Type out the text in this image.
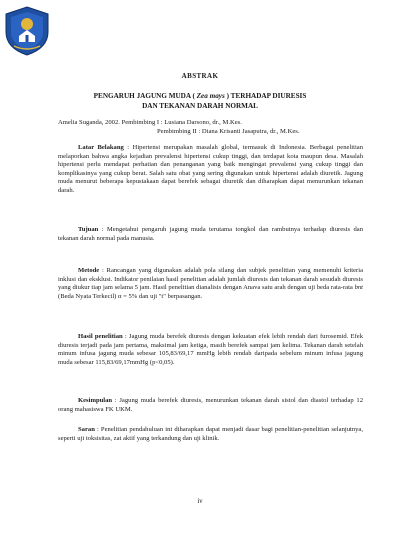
ABSTRAK
PENGARUH JAGUNG MUDA ( Zea mays ) TERHADAP DIURESIS
DAN TEKANAN DARAH NORMAL
Amelia Suganda, 2002. Pembimbing I : Lusiana Darsono, dr., M.Kes.
Pembimbing II : Diana Krisanti Jasaputra, dr., M.Kes.
Latar Belakang : Hipertensi merupakan masalah global, termasuk di Indonesia. Berbagai penelitian melaporkan bahwa angka kejadian prevalensi hipertensi cukup tinggi, dan terdapat kota maupun desa. Masalah hipertensi perlu mendapat perhatian dan penanganan yang baik mengingat prevalensi yang cukup tinggi dan komplikasinya yang cukup berat. Salah satu obat yang sering digunakan untuk hipertensi adalah diuretik. Jagung muda menurut beberapa kepustakaan dapat berefek sebagai diuretik dan diharapkan dapat menurunkan tekanan darah.
Tujuan : Mengetahui pengaruh jagung muda terutama tongkol dan rambutnya terhadap diuresis dan tekanan darah normal pada manusia.
Metode : Rancangan yang digunakan adalah pola silang dan subjek penelitian yang memenuhi kriteria inklusi dan eksklusi. Indikator penilaian hasil penelitian adalah jumlah diuresis dan tekanan darah sesudah diuresis yang diukur tiap jam selama 5 jam. Hasil penelitian dianalisis dengan Anava satu arah dengan uji beda rata-rata bnt (Beda Nyata Terkecil) α = 5% dan uji "t" berpasangan.
Hasil penelitian : Jagung muda berefek diuresis dengan kekuatan efek lebih rendah dari furosemid. Efek diuresis terjadi pada jam pertama, maksimal jam ketiga, masih berefek sampai jam kelima. Tekanan darah setelah minum infusa jagung muda sebesar 105,83/69,17 mmHg lebih rendah daripada sebelum minum infusa jagung muda sebesar 115,83/69,17mmHg (p<0,05).
Kesimpulan : Jagung muda berefek diuresis, menurunkan tekanan darah sistol dan diastol terhadap 12 orang mahasiswa FK UKM.
Saran : Penelitian pendahuluan ini diharapkan dapat menjadi dasar bagi penelitian-penelitian selanjutnya, seperti uji toksisitas, zat aktif yang terkandung dan uji klinik.
iv
